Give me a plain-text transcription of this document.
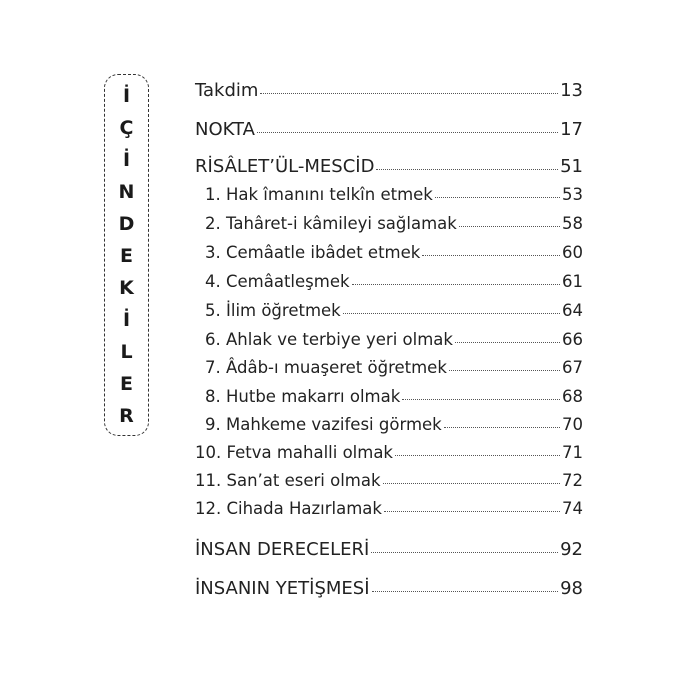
İ
Ç
İ
N
D
E
K
İ
L
E
R
Takdim	13
NOKTA	17
RİSÂLET’ÜL-MESCİD	51
1. Hak îmanını telkîn etmek	53
2. Tahâret-i kâmileyi sağlamak	58
3. Cemâatle ibâdet etmek	60
4. Cemâatleşmek	61
5. İlim öğretmek	64
6. Ahlak ve terbiye yeri olmak	66
7. Âdâb-ı muaşeret öğretmek	67
8. Hutbe makarrı olmak	68
9. Mahkeme vazifesi görmek	70
10. Fetva mahalli olmak	71
11. San’at eseri olmak	72
12. Cihada Hazırlamak	74
İNSAN DERECELERİ	92
İNSANIN YETİŞMESİ	98
